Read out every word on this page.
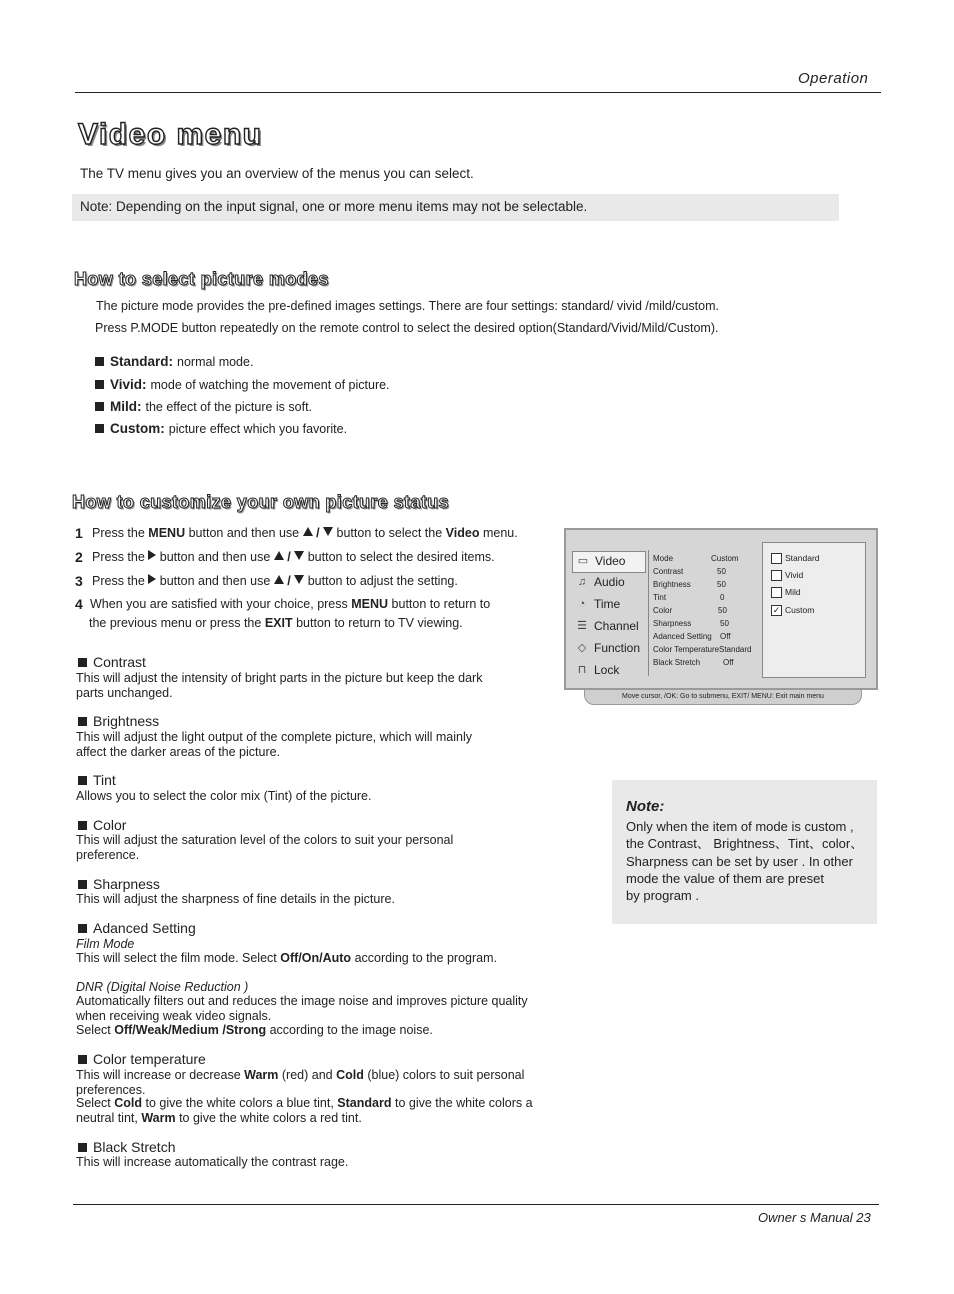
Operation
Video menu
The TV menu gives you an overview of the menus you can select.
Note: Depending on the input signal, one or more menu items may not be selectable.
How to select picture modes
The picture mode provides the pre-defined images settings. There are four settings: standard/ vivid /mild/custom.
Press P.MODE button repeatedly on the remote control to select the desired option(Standard/Vivid/Mild/Custom).
Standard: normal mode.
Vivid: mode of watching the movement of picture.
Mild: the effect of the picture is soft.
Custom: picture effect which you favorite.
How to customize your own picture status
1 Press the MENU button and then use / button to select the Video menu.
2 Press the button and then use / button to select the desired items.
3 Press the button and then use / button to adjust the setting.
4 When you are satisfied with your choice, press MENU button to return to
the previous menu or press the EXIT button to return to TV viewing.
Contrast
This will adjust the intensity of bright parts in the picture but keep the dark parts unchanged.
Brightness
This will adjust the light output of the complete picture, which will mainly affect the darker areas of the picture.
Tint
Allows you to select the color mix (Tint) of the picture.
Color
This will adjust the saturation level of the colors to suit your personal preference.
Sharpness
This will adjust the sharpness of fine details in the picture.
Adanced Setting
Film Mode
This will select the film mode. Select Off/On/Auto according to the program.
DNR (Digital Noise Reduction )
Automatically filters out and reduces the image noise and improves picture quality when receiving weak video signals.
Select Off/Weak/Medium /Strong according to the image noise.
Color temperature
This will increase or decrease Warm (red) and Cold (blue) colors to suit personal preferences.
Select Cold to give the white colors a blue tint, Standard to give the white colors a neutral tint, Warm to give the white colors a red tint.
Black Stretch
This will increase automatically the contrast rage.
▭ Video
♫ Audio
◔ Time
☰ Channel
◇ Function
⊓ Lock
Mode	Custom
Contrast	50
Brightness	50
Tint	0
Color	50
Sharpness	50
Adanced Setting Off
Color Temperature Standard
Black Stretch	Off
Standard
Vivid
Mild
✓ Custom
Move cursor, /OK: Go to submenu, EXIT/ MENU: Exit main menu
Note:
Only when the item of mode is custom ,
the Contrast、 Brightness、Tint、color、
Sharpness can be set by user . In other
mode the value of them are preset
by program .
Owner s Manual 23
